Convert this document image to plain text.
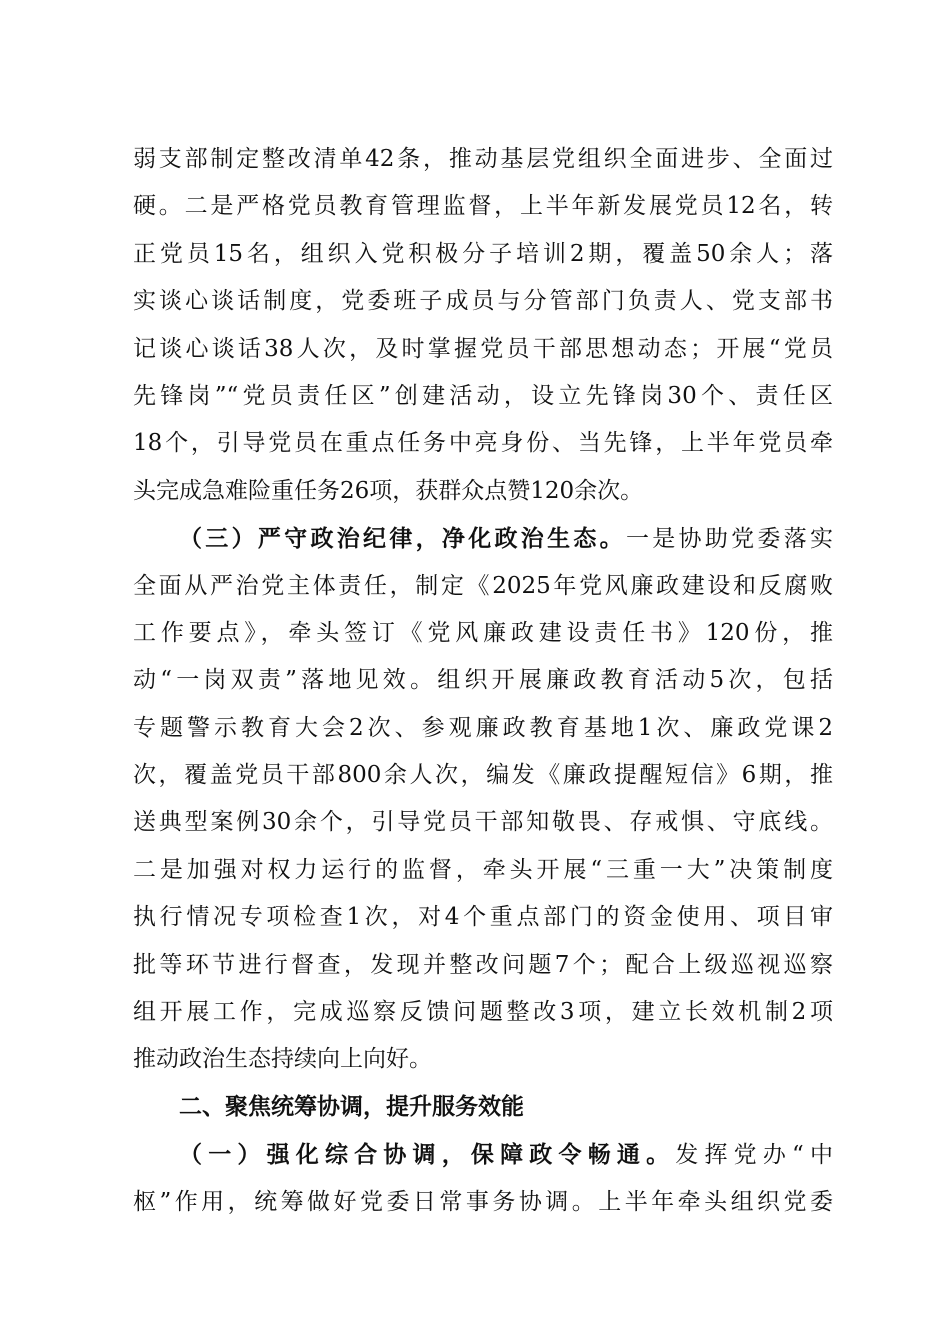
弱支部制定整改清单42条，推动基层党组织全面进步、全面过
硬。二是严格党员教育管理监督，上半年新发展党员12名，转
正党员15名，组织入党积极分子培训2期，覆盖50余人；落
实谈心谈话制度，党委班子成员与分管部门负责人、党支部书
记谈心谈话38人次，及时掌握党员干部思想动态；开展“党员
先锋岗”“党员责任区”创建活动，设立先锋岗30个、责任区
18个，引导党员在重点任务中亮身份、当先锋，上半年党员牵
头完成急难险重任务26项，获群众点赞120余次。
（三）严守政治纪律，净化政治生态。一是协助党委落实
全面从严治党主体责任，制定《2025年党风廉政建设和反腐败
工作要点》，牵头签订《党风廉政建设责任书》120份，推
动“一岗双责”落地见效。组织开展廉政教育活动5次，包括
专题警示教育大会2次、参观廉政教育基地1次、廉政党课2
次，覆盖党员干部800余人次，编发《廉政提醒短信》6期，推
送典型案例30余个，引导党员干部知敬畏、存戒惧、守底线。
二是加强对权力运行的监督，牵头开展“三重一大”决策制度
执行情况专项检查1次，对4个重点部门的资金使用、项目审
批等环节进行督查，发现并整改问题7个；配合上级巡视巡察
组开展工作，完成巡察反馈问题整改3项，建立长效机制2项
推动政治生态持续向上向好。
二、聚焦统筹协调，提升服务效能
（一）强化综合协调，保障政令畅通。发挥党办“中
枢”作用，统筹做好党委日常事务协调。上半年牵头组织党委
